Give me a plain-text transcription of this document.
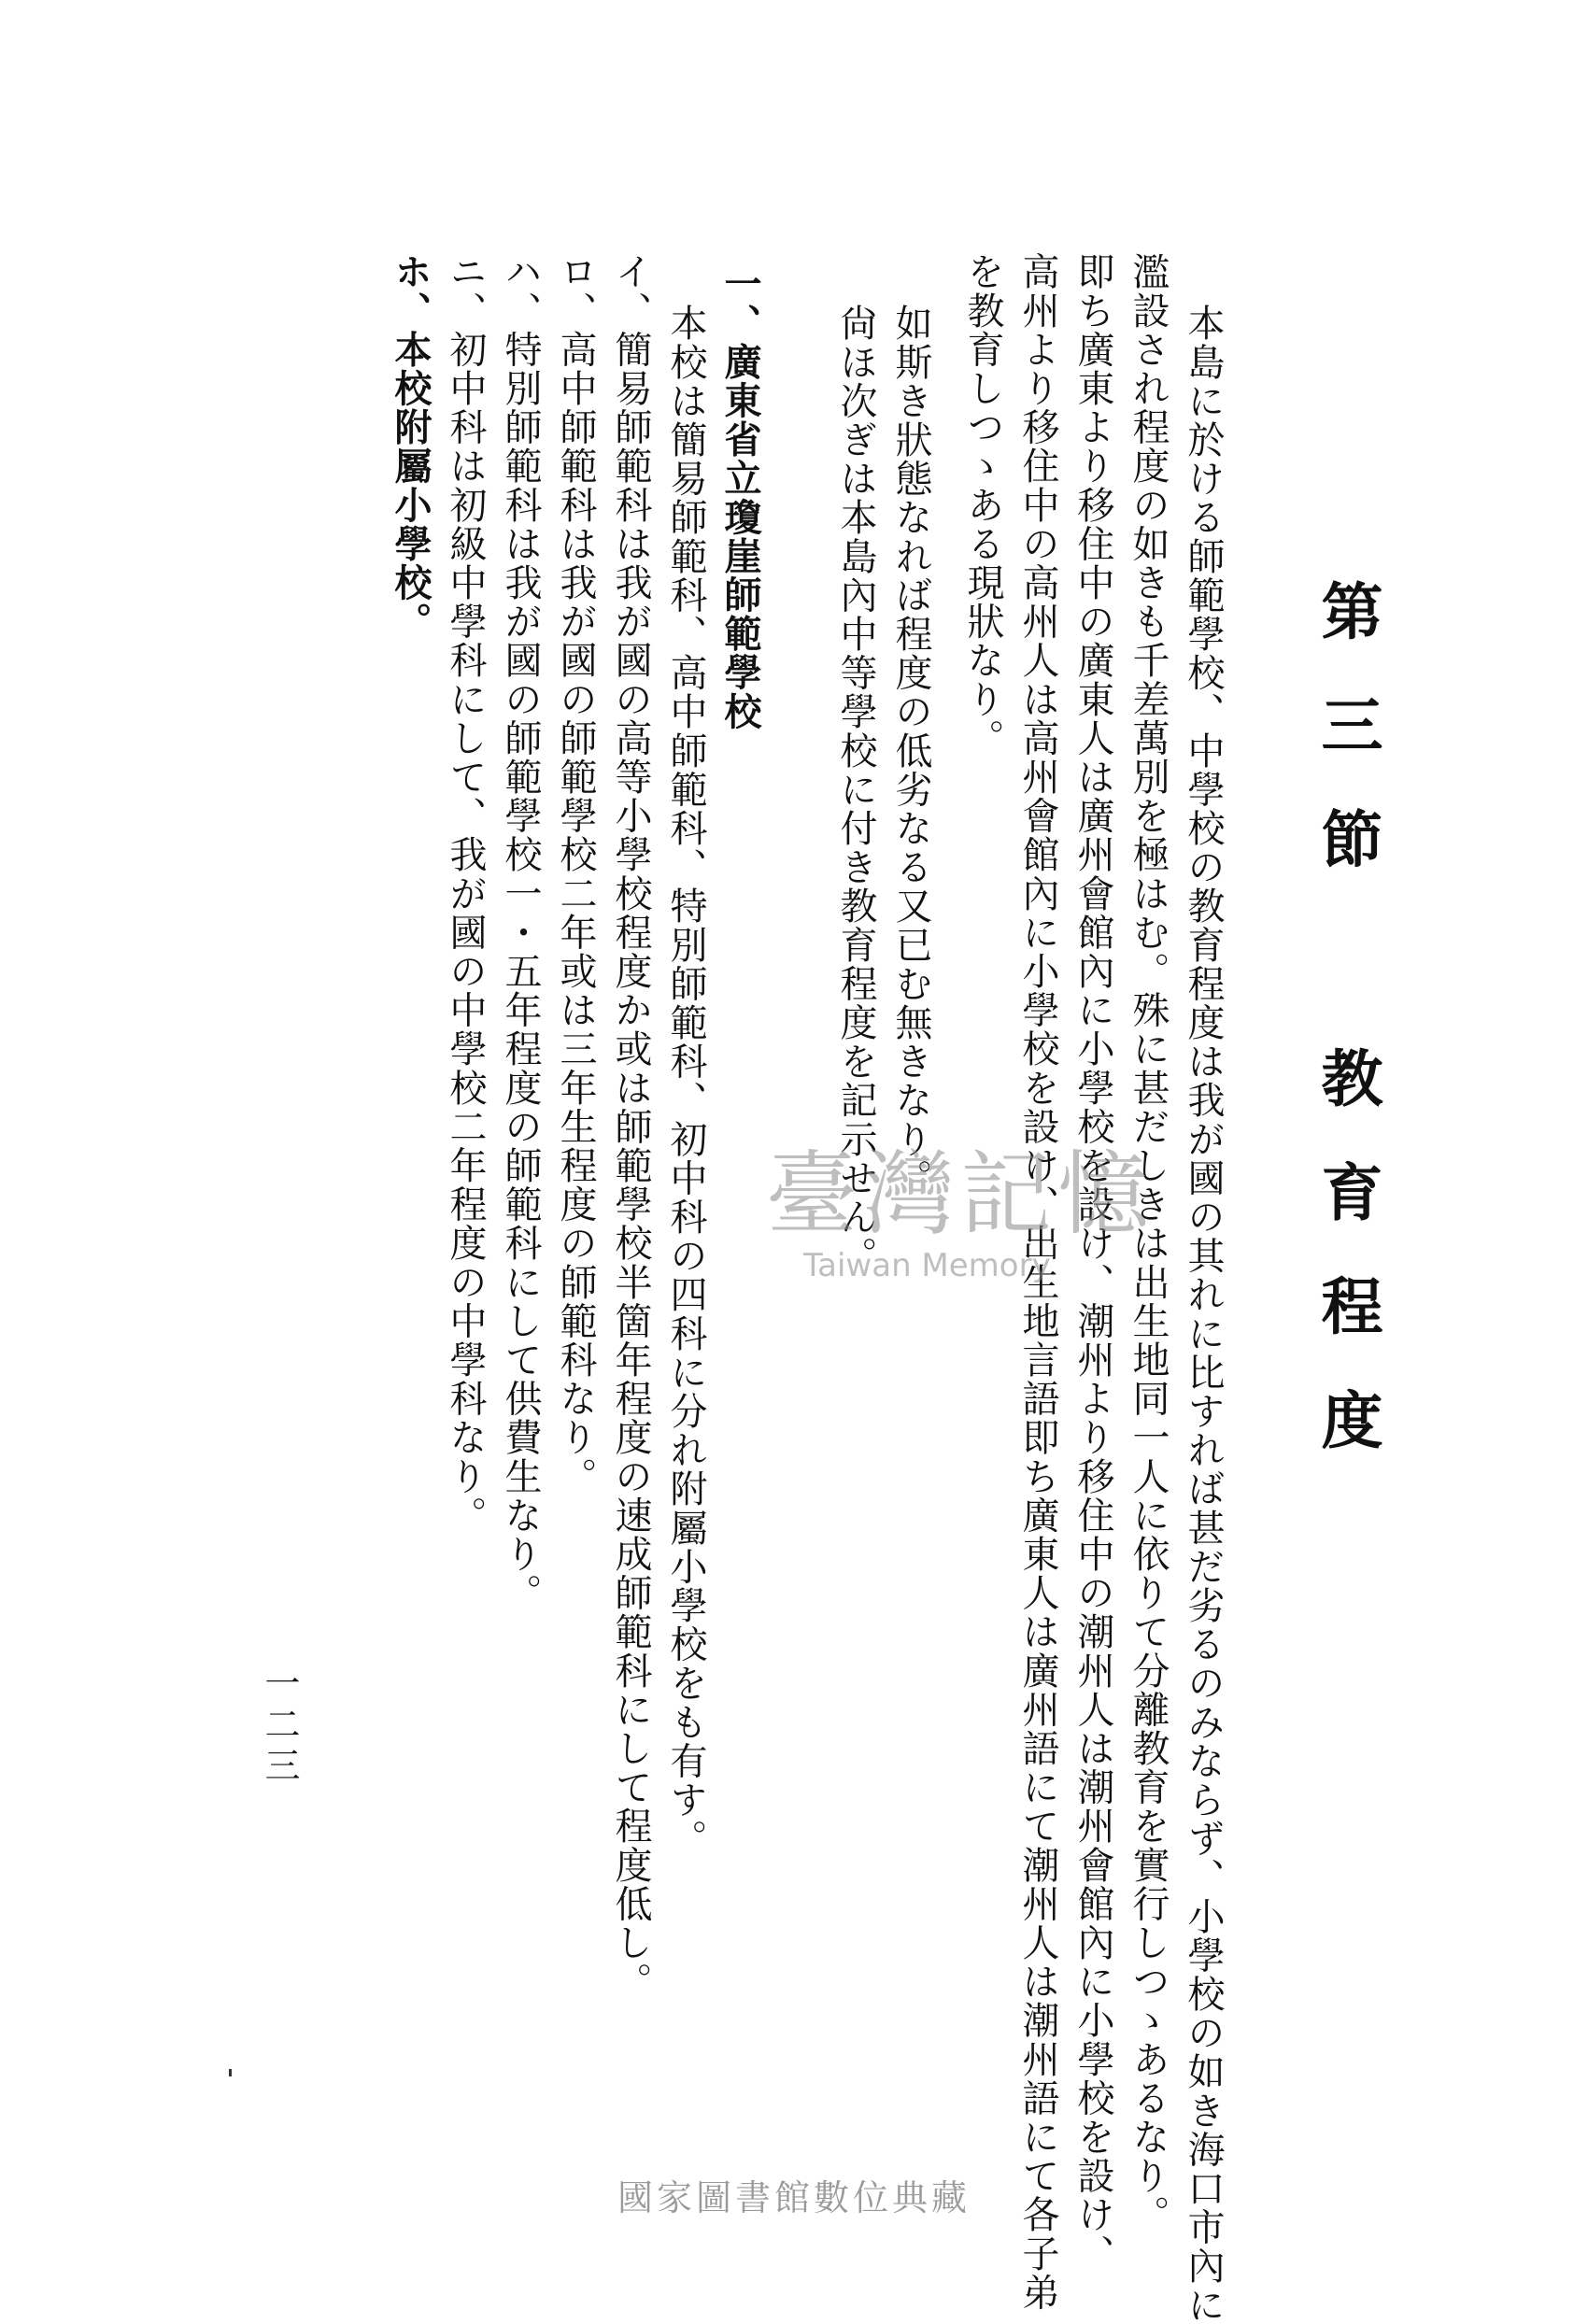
第三節 教育程度
本島に於ける師範學校、中學校の教育程度は我が國の其れに比すれば甚だ劣るのみならず、小學校の如き海口市內に
濫設され程度の如きも千差萬別を極はむ。殊に甚だしきは出生地同一人に依りて分離教育を實行しつゝあるなり。
即ち廣東より移住中の廣東人は廣州會館內に小學校を設け、潮州より移住中の潮州人は潮州會館內に小學校を設け、
高州より移住中の高州人は高州會館內に小學校を設け、出生地言語即ち廣東人は廣州語にて潮州人は潮州語にて各子弟
を教育しつゝある現狀なり。
如斯き狀態なれば程度の低劣なる又已む無きなり。
尙ほ次ぎは本島內中等學校に付き教育程度を記示せん。
一、廣東省立瓊崖師範學校
本校は簡易師範科、高中師範科、特別師範科、初中科の四科に分れ附屬小學校をも有す。
イ、簡易師範科は我が國の高等小學校程度か或は師範學校半箇年程度の速成師範科にして程度低し。
ロ、高中師範科は我が國の師範學校二年或は三年生程度の師範科なり。
ハ、特別師範科は我が國の師範學校一・五年程度の師範科にして供費生なり。
ニ、初中科は初級中學科にして、我が國の中學校二年程度の中學科なり。
ホ、本校附屬小學校。
一二三
臺灣記憶
Taiwan Memory
國家圖書館數位典藏
